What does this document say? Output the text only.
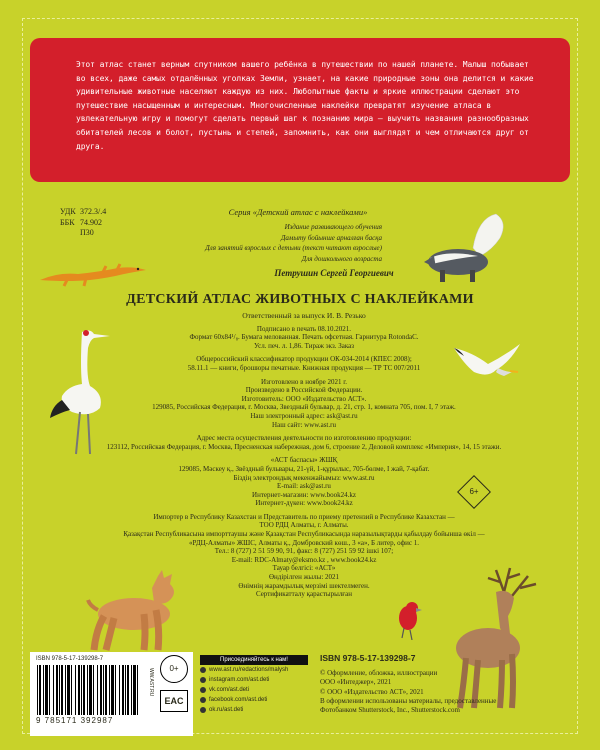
Этот атлас станет верным спутником вашего ребёнка в путешествии по нашей планете. Малыш побывает во всех, даже самых отдалённых уголках Земли, узнает, на какие природные зоны она делится и какие удивительные животные населяют каждую из них. Любопытные факты и яркие иллюстрации сделают это путешествие насыщенным и интересным. Многочисленные наклейки превратят изучение атласа в увлекательную игру и помогут сделать первый шаг к познанию мира — выучить названия разнообразных обитателей лесов и болот, пустынь и степей, запомнить, как они выглядят и чем отличаются друг от друга.

УДК 372.3/.4
ББК 74.902
П30
Серия «Детский атлас с наклейками»
Издание развивающего обучения
Дамыту бойынше арналған басқа
Для занятий взрослых с детьми (текст читают взрослые)
Для дошкольного возраста
Петрушин Сергей Георгиевич
ДЕТСКИЙ АТЛАС ЖИВОТНЫХ С НАКЛЕЙКАМИ
Ответственный за выпуск И. В. Резько
Подписано в печать 08.10.2021.
Формат 60х84¹/₈. Бумага мелованная. Печать офсетная. Гарнитура RotondaC.
Усл. печ. л. 1,86. Тираж экз. Заказ
Общероссийский классификатор продукции ОК-034-2014 (КПЕС 2008);
58.11.1 — книги, брошюры печатные. Книжная продукция — ТР ТС 007/2011
Изготовлено в ноябре 2021 г.
Произведено в Российской Федерации.
Изготовитель: ООО «Издательство АСТ».
129085, Российская Федерация, г. Москва, Звездный бульвар, д. 21, стр. 1, комната 705, пом. I, 7 этаж.
Наш электронный адрес: ask@ast.ru
Наш сайт: www.ast.ru
Адрес места осуществления деятельности по изготовлению продукции:
123112, Российская Федерация, г. Москва, Пресненская набережная, дом 6, строение 2, Деловой комплекс «Империя», 14, 15 этажи.
«АСТ баспасы» ЖШҚ
129085, Мәскеу қ., Звёздный бульвары, 21-үй, 1-құрылыс, 705-бөлме, I жай, 7-қабат.
Біздің электрондық мекенжайымыз: www.ast.ru
E-mail: ask@ast.ru
Интернет-магазин: www.book24.kz
Интернет-дүкен: www.book24.kz
Импортер в Республику Казахстан и Представитель по приему претензий в Республике Казахстан —
ТОО РДЦ Алматы, г. Алматы.
Қазақстан Республикасына импорттаушы және Қазақстан Республикасында наразылықтарды қабылдау бойынша өкіл —
«РДЦ-Алматы» ЖШС, Алматы қ., Домбровский көш., 3 «а», Б литер, офис 1.
Тел.: 8 (727) 2 51 59 90, 91, факс: 8 (727) 251 59 92 ішкі 107;
E-mail: RDC-Almaty@eksmo.kz , www.book24.kz
Тауар белгісі: «АСТ»
Өндірілген жылы: 2021
Өнімнің жарамдылық мерзімі шектелмеген.
Сертификатталу қарастырылған
6+
ISBN 978-5-17-139298-7
9 785171 392987
WW.AST.RU	0+
EAC
Присоединяйтесь к нам!
www.ast.ru/redactions/malysh
instagram.com/ast.deti
vk.com/ast.deti
facebook.com/ast.deti
ok.ru/ast.deti
ISBN 978-5-17-139298-7
© Оформление, обложка, иллюстрации
ООО «Интеджер», 2021
© ООО «Издательство АСТ», 2021
В оформлении использованы материалы, предоставленные
Фотобанком Shutterstock, Inc., Shutterstock.com
